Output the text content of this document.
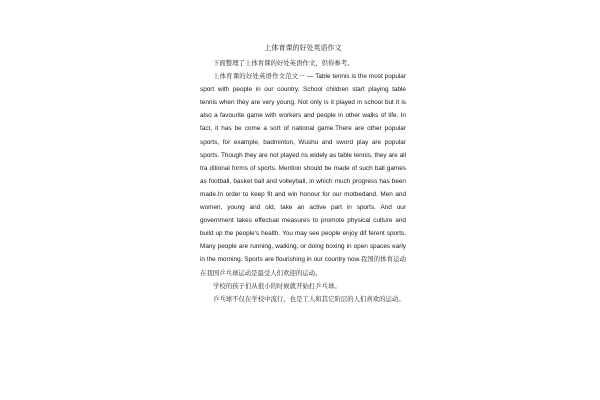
上体育课的好处英语作文

下面整理了上体育课的好处英语作文，供你参考。

上体育课的好处英语作文范文一 — Table tennis is the most popular sport with people in our country. School children start playing table tennis when they are very young. Not only is it played in school but it is also a favourite game with workers and people in other walks of life. In fact, it has be come a sort of national game.There are other popular sports, for example, badminton, Wushu and sword play are popular sports. Though they are not played ns widely as table tennis, they are all tra ditional forms of sports. Mention should be made of such ball games as football, basket ball and volleyball, in which much progress has been made.In order to keep fit and win honour for our motbedand. Men and women, young and old, take an active part in sports. And our government takes effectual measures to promote physical culture and build up the people's health. You may see people enjoy dif ferent sports. Many people are running, walking, or doing boxing in open spaces early in the morning. Sports are flourishing in our country now.我国的体育运动在我国乒乓球运动是最受人们欢迎的运动。

学校的孩子们从很小的时候就开始打乒乓球。

乒乓球不仅在学校中流行，也是工人和其它阶层的人们喜欢的运动。
